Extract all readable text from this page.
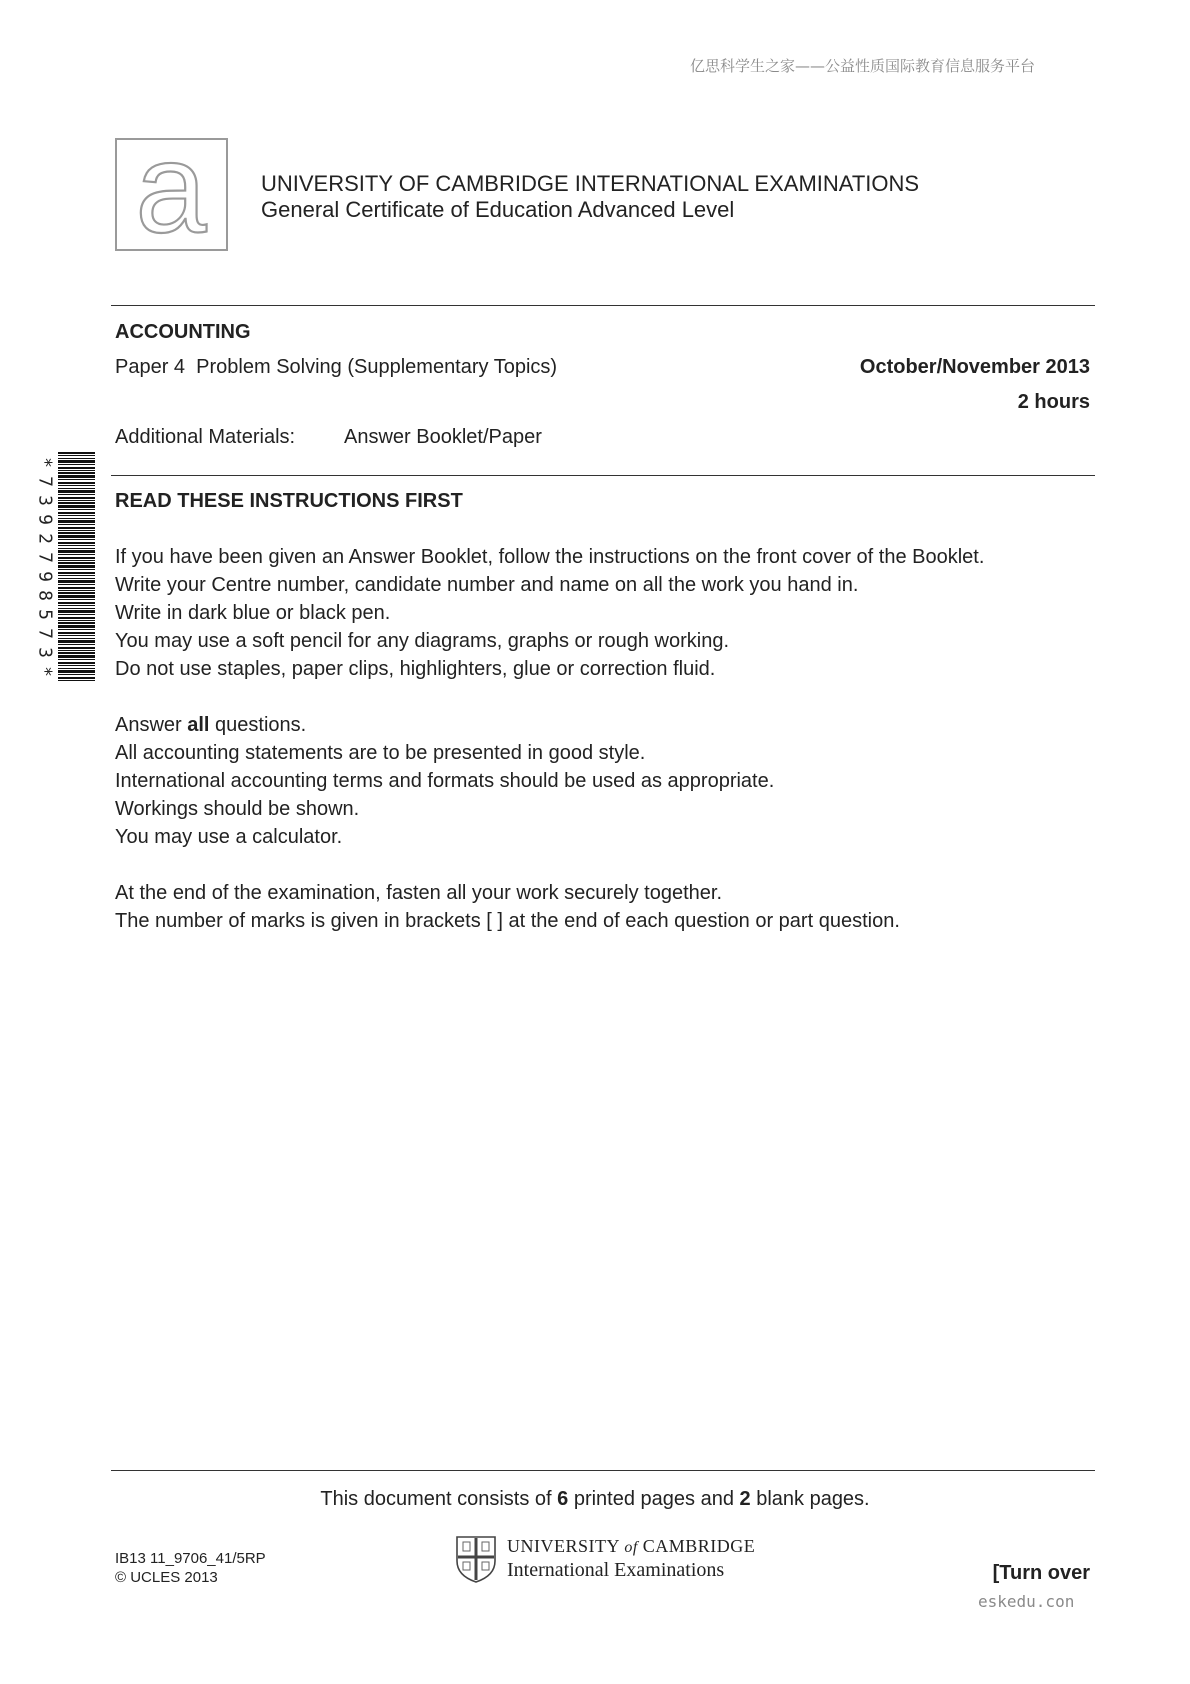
亿思科学生之家——公益性质国际教育信息服务平台
a UNIVERSITY OF CAMBRIDGE INTERNATIONAL EXAMINATIONS
General Certificate of Education Advanced Level
ACCOUNTING
Paper 4  Problem Solving (Supplementary Topics)	October/November 2013
2 hours
Additional Materials: Answer Booklet/Paper
*
7
3
9
2
7
9
8
5
7
3
*
READ THESE INSTRUCTIONS FIRST
If you have been given an Answer Booklet, follow the instructions on the front cover of the Booklet.
Write your Centre number, candidate number and name on all the work you hand in.
Write in dark blue or black pen.
You may use a soft pencil for any diagrams, graphs or rough working.
Do not use staples, paper clips, highlighters, glue or correction fluid.
Answer all questions.
All accounting statements are to be presented in good style.
International accounting terms and formats should be used as appropriate.
Workings should be shown.
You may use a calculator.
At the end of the examination, fasten all your work securely together.
The number of marks is given in brackets [ ] at the end of each question or part question.
This document consists of 6 printed pages and 2 blank pages.
IB13 11_9706_41/5RP
© UCLES 2013
UNIVERSITY of CAMBRIDGE
International Examinations	[Turn over
eskedu.con
